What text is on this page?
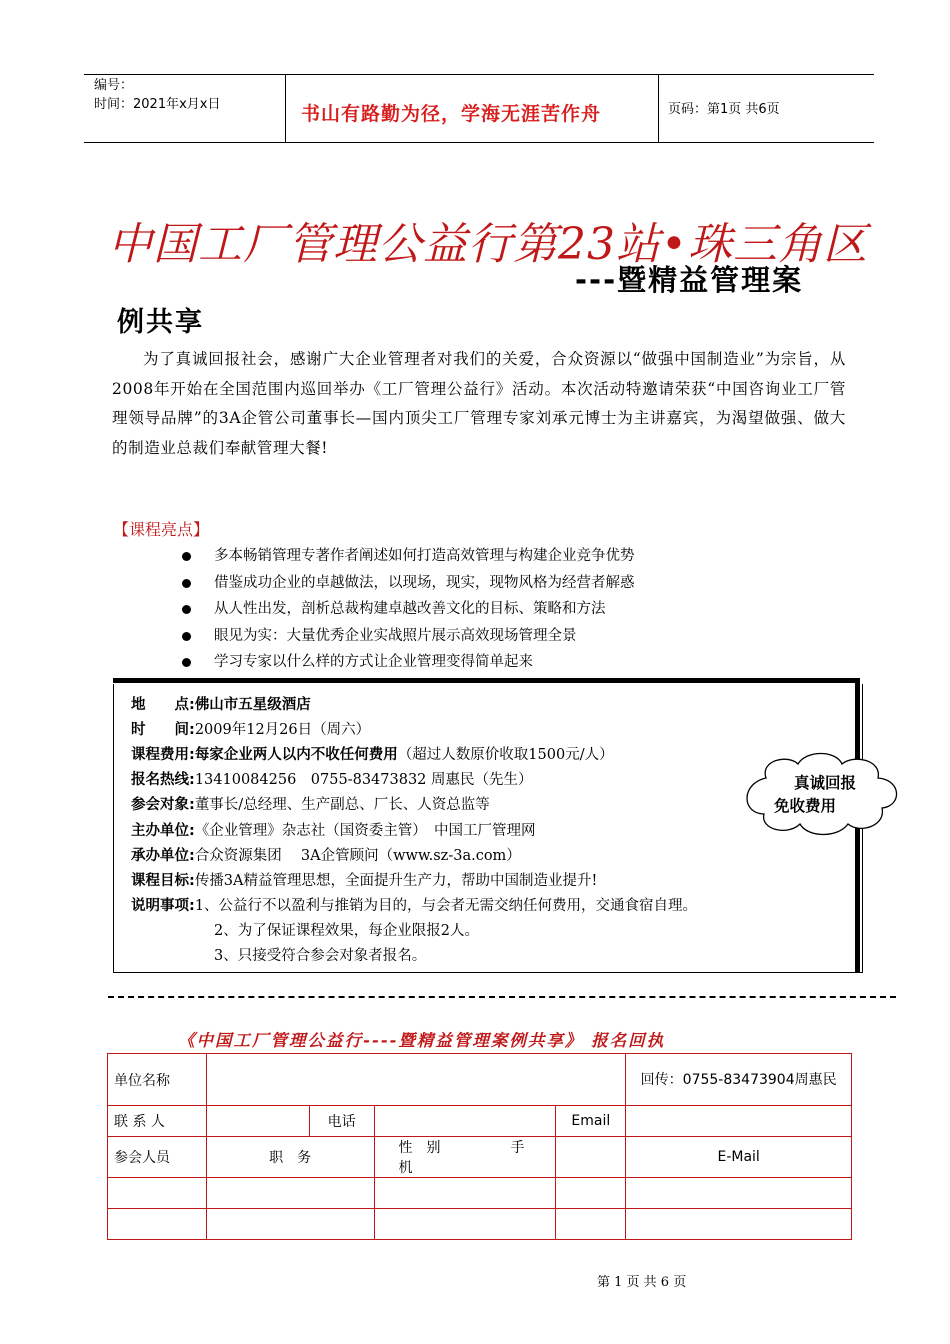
编号：
时间：2021年x月x日	书山有路勤为径，学海无涯苦作舟	页码：第1页 共6页
中国工厂管理公益行第23站•珠三角区
---暨精益管理案
例共享
为了真诚回报社会，感谢广大企业管理者对我们的关爱，合众资源以“做强中国制造业”为宗旨，从2008年开始在全国范围内巡回举办《工厂管理公益行》活动。本次活动特邀请荣获“中国咨询业工厂管理领导品牌”的3A企管公司董事长—国内顶尖工厂管理专家刘承元博士为主讲嘉宾，为渴望做强、做大的制造业总裁们奉献管理大餐!
【课程亮点】
多本畅销管理专著作者阐述如何打造高效管理与构建企业竞争优势
借鉴成功企业的卓越做法，以现场，现实，现物风格为经营者解惑
从人性出发，剖析总裁构建卓越改善文化的目标、策略和方法
眼见为实：大量优秀企业实战照片展示高效现场管理全景
学习专家以什么样的方式让企业管理变得简单起来
地　　点:佛山市五星级酒店
时　　间:2009年12月26日（周六）
课程费用:每家企业两人以内不收任何费用（超过人数原价收取1500元/人）
报名热线:13410084256　0755-83473832 周惠民（先生）
参会对象:董事长/总经理、生产副总、厂长、人资总监等
主办单位:《企业管理》杂志社（国资委主管）　中国工厂管理网
承办单位:合众资源集团　 3A企管顾问（www.sz-3a.com）
课程目标:传播3A精益管理思想，全面提升生产力，帮助中国制造业提升!
说明事项:1、公益行不以盈利与推销为目的，与会者无需交纳任何费用，交通食宿自理。
2、为了保证课程效果，每企业限报2人。
3、只接受符合参会对象者报名。
真诚回报
免收费用
《中国工厂管理公益行----暨精益管理案例共享》 报名回执
单位名称					回传：0755-83473904周惠民
联 系 人		电话		Email	
参会人员	职　务		性　别 手　机		E-Mail

第 1 页 共 6 页
